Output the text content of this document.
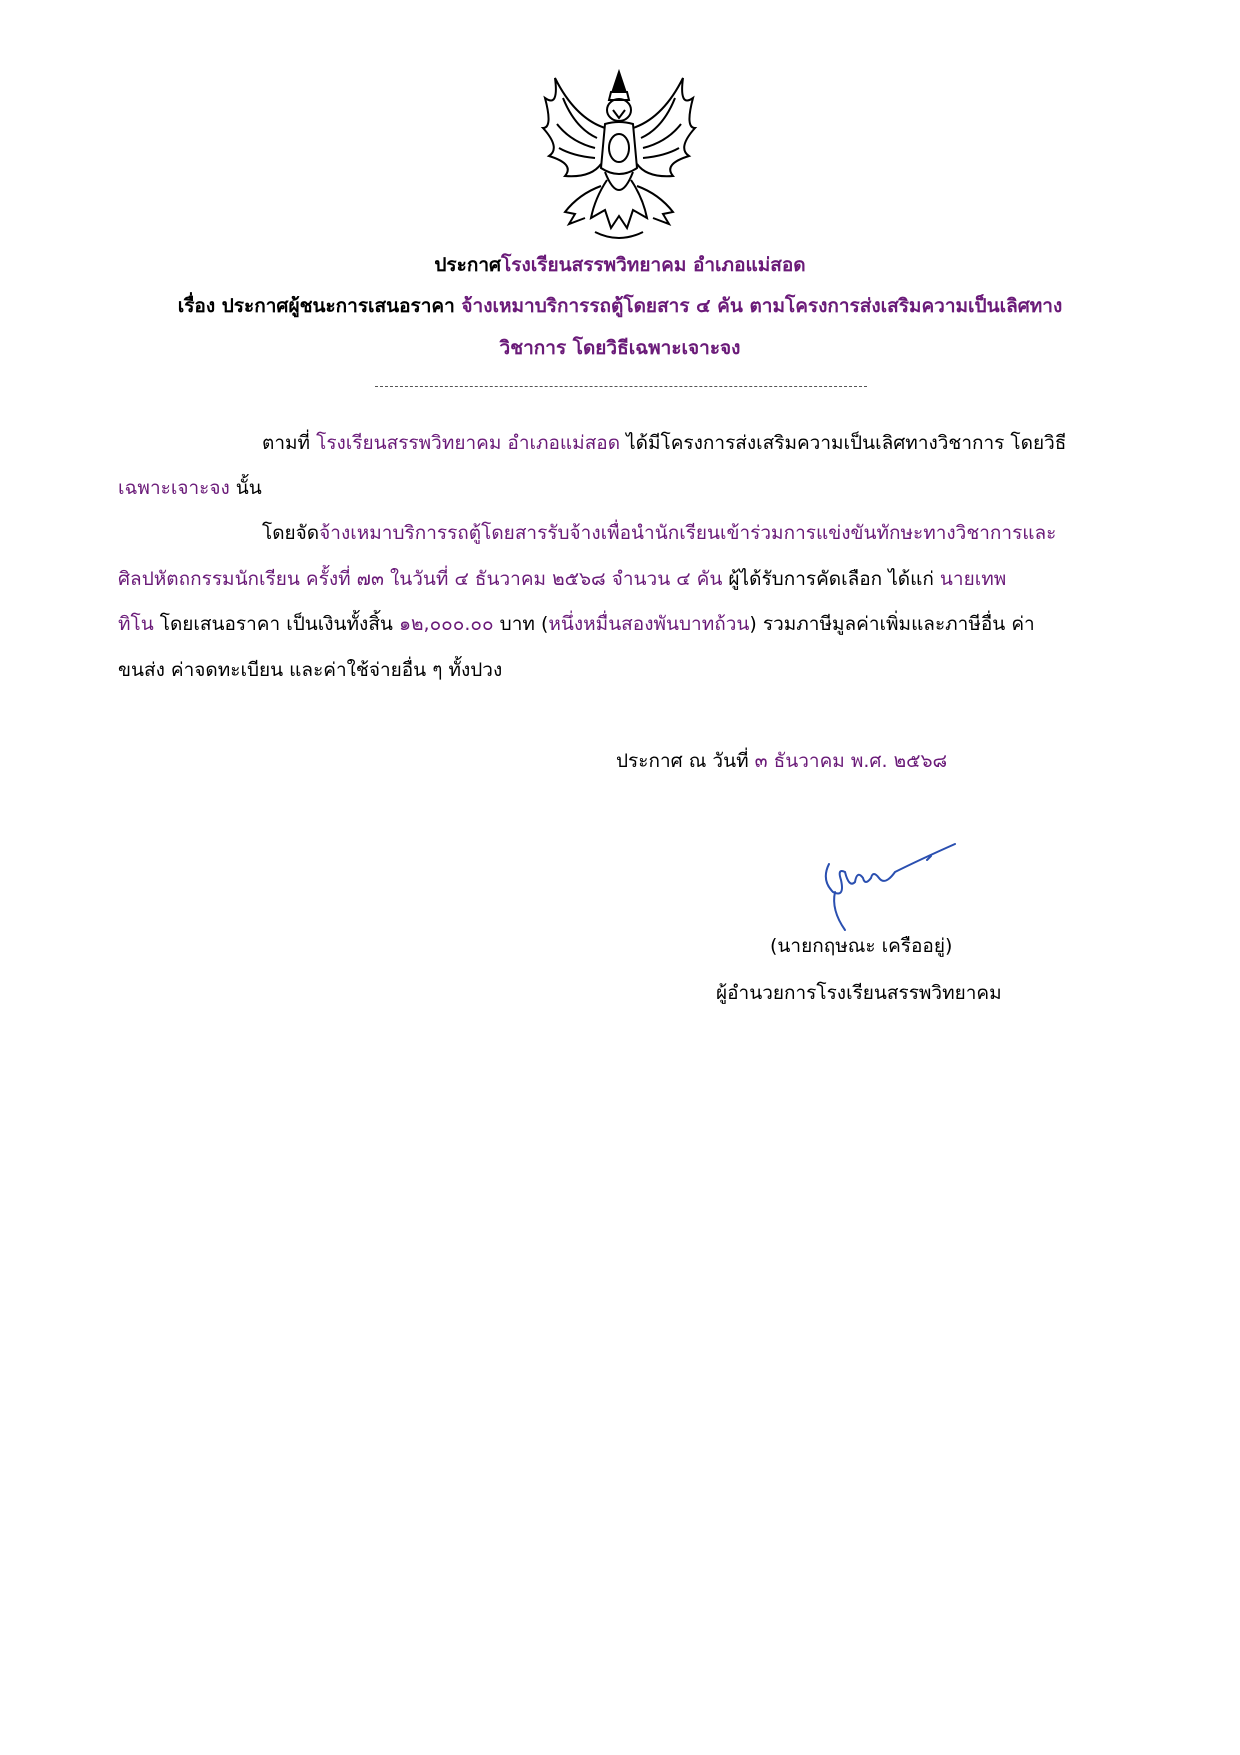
ประกาศโรงเรียนสรรพวิทยาคม อำเภอแม่สอด
เรื่อง ประกาศผู้ชนะการเสนอราคา จ้างเหมาบริการรถตู้โดยสาร ๔ คัน ตามโครงการส่งเสริมความเป็นเลิศทาง
วิชาการ โดยวิธีเฉพาะเจาะจง
ตามที่ โรงเรียนสรรพวิทยาคม อำเภอแม่สอด ได้มีโครงการส่งเสริมความเป็นเลิศทางวิชาการ โดยวิธี
เฉพาะเจาะจง นั้น
โดยจัดจ้างเหมาบริการรถตู้โดยสารรับจ้างเพื่อนำนักเรียนเข้าร่วมการแข่งขันทักษะทางวิชาการและ
ศิลปหัตถกรรมนักเรียน ครั้งที่ ๗๓ ในวันที่ ๔ ธันวาคม ๒๕๖๘ จำนวน ๔ คัน ผู้ได้รับการคัดเลือก ได้แก่ นายเทพ
ทิโน โดยเสนอราคา เป็นเงินทั้งสิ้น ๑๒,๐๐๐.๐๐ บาท (หนึ่งหมื่นสองพันบาทถ้วน) รวมภาษีมูลค่าเพิ่มและภาษีอื่น ค่า
ขนส่ง ค่าจดทะเบียน และค่าใช้จ่ายอื่น ๆ ทั้งปวง
ประกาศ ณ วันที่ ๓ ธันวาคม พ.ศ. ๒๕๖๘
(นายกฤษณะ เครืออยู่)
ผู้อำนวยการโรงเรียนสรรพวิทยาคม
